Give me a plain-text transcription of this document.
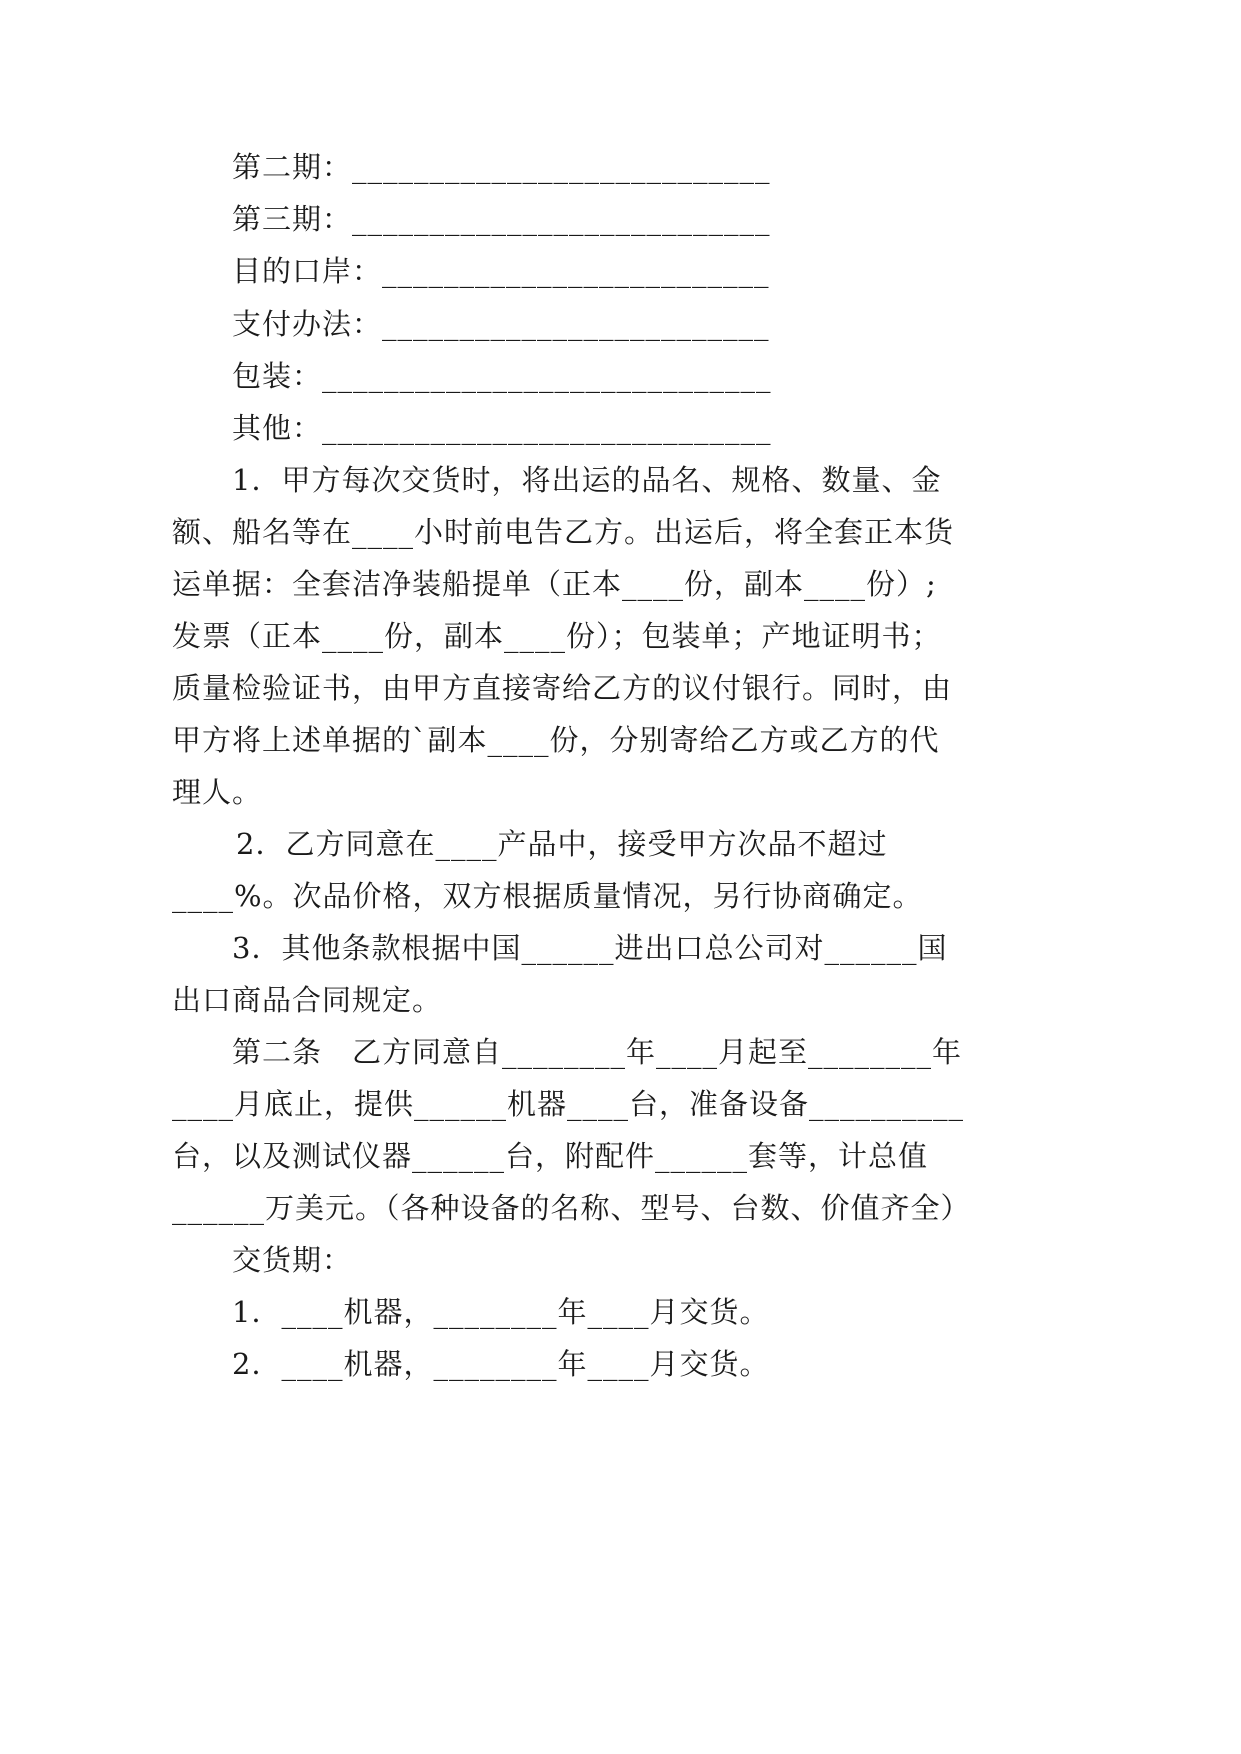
第二期：___________________________
第三期：___________________________
目的口岸：_________________________
支付办法：_________________________
包装：_____________________________
其他：_____________________________
1．甲方每次交货时，将出运的品名、规格、数量、金
额、船名等在____小时前电告乙方。出运后，将全套正本货
运单据：全套洁净装船提单（正本____份，副本____份）;
发票（正本____份，副本____份）；包装单；产地证明书；
质量检验证书，由甲方直接寄给乙方的议付银行。同时，由
甲方将上述单据的`副本____份，分别寄给乙方或乙方的代
理人。
2．乙方同意在____产品中，接受甲方次品不超过
____%。次品价格，双方根据质量情况，另行协商确定。
3．其他条款根据中国______进出口总公司对______国
出口商品合同规定。
第二条　乙方同意自________年____月起至________年
____月底止，提供______机器____台，准备设备__________
台，以及测试仪器______台，附配件______套等，计总值
______万美元。（各种设备的名称、型号、台数、价值齐全）
交货期：
1．____机器，________年____月交货。
2．____机器，________年____月交货。
